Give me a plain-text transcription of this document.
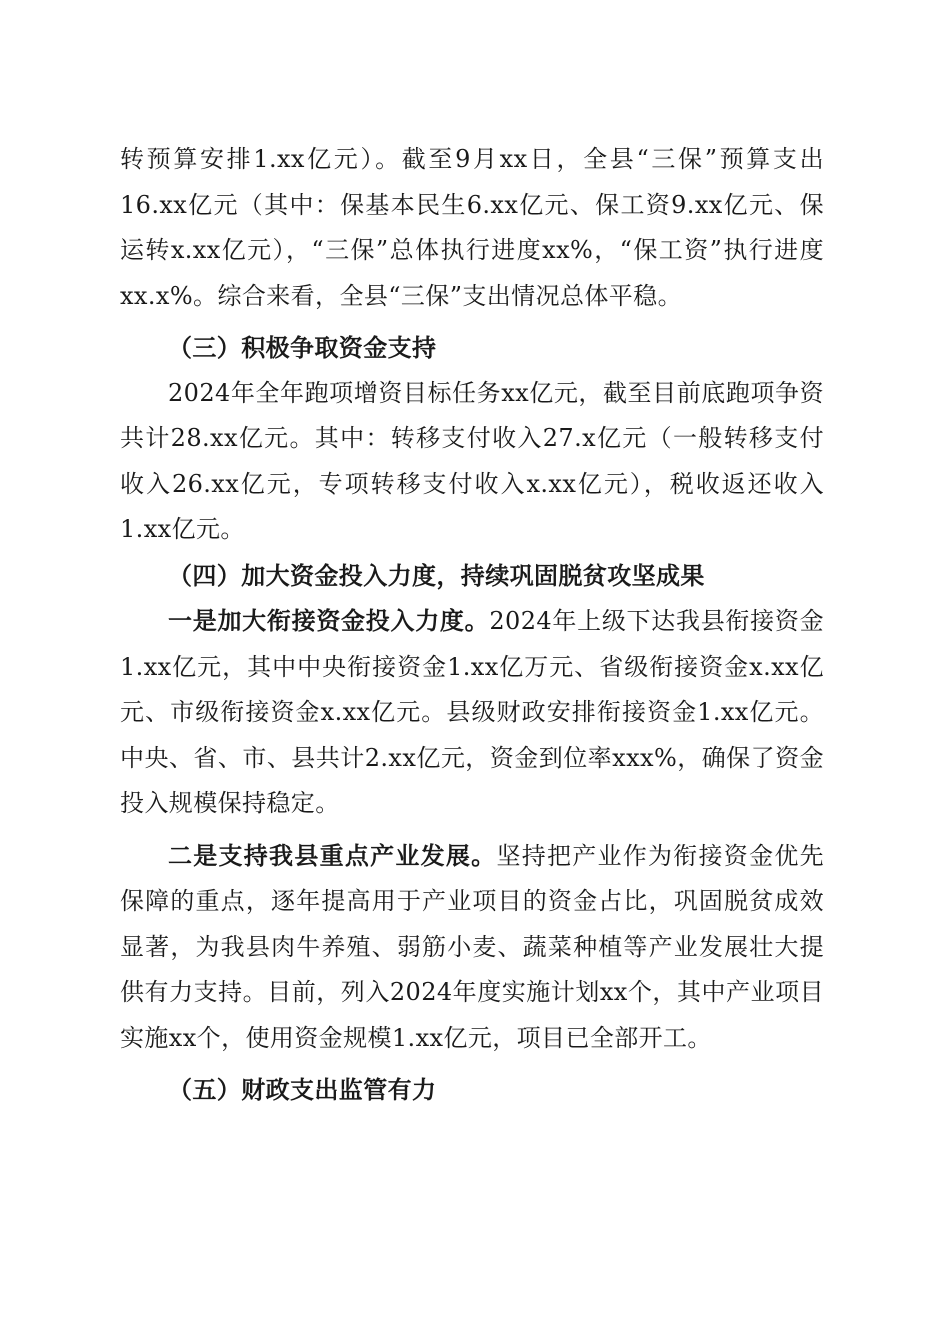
转预算安排1.xx亿元）。截至9月xx日，全县“三保”预算支出16.xx亿元（其中：保基本民生6.xx亿元、保工资9.xx亿元、保运转x.xx亿元），“三保”总体执行进度xx%，“保工资”执行进度xx.x%。综合来看，全县“三保”支出情况总体平稳。

（三）积极争取资金支持

2024年全年跑项增资目标任务xx亿元，截至目前底跑项争资共计28.xx亿元。其中：转移支付收入27.x亿元（一般转移支付收入26.xx亿元，专项转移支付收入x.xx亿元），税收返还收入1.xx亿元。

（四）加大资金投入力度，持续巩固脱贫攻坚成果

一是加大衔接资金投入力度。2024年上级下达我县衔接资金1.xx亿元，其中中央衔接资金1.xx亿万元、省级衔接资金x.xx亿元、市级衔接资金x.xx亿元。县级财政安排衔接资金1.xx亿元。中央、省、市、县共计2.xx亿元，资金到位率xxx%，确保了资金投入规模保持稳定。

二是支持我县重点产业发展。坚持把产业作为衔接资金优先保障的重点，逐年提高用于产业项目的资金占比，巩固脱贫成效显著，为我县肉牛养殖、弱筋小麦、蔬菜种植等产业发展壮大提供有力支持。目前，列入2024年度实施计划xx个，其中产业项目实施xx个，使用资金规模1.xx亿元，项目已全部开工。

（五）财政支出监管有力
